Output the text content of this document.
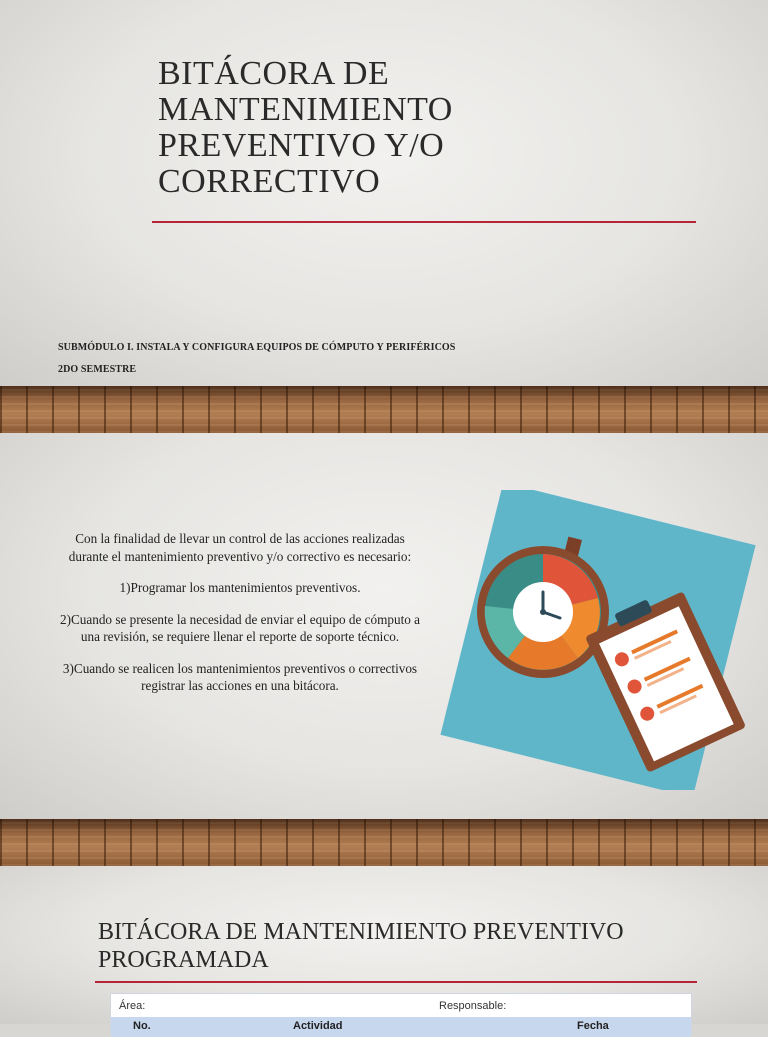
BITÁCORA DE
MANTENIMIENTO
PREVENTIVO Y/O
CORRECTIVO
SUBMÓDULO I. INSTALA Y CONFIGURA EQUIPOS DE CÓMPUTO Y PERIFÉRICOS
2DO SEMESTRE

Con la finalidad de llevar un control de las acciones realizadas durante el mantenimiento preventivo y/o correctivo es necesario:

1)Programar los mantenimientos preventivos.

2)Cuando se presente la necesidad de enviar el equipo de cómputo a una revisión, se requiere llenar el reporte de soporte técnico.

3)Cuando se realicen los mantenimientos preventivos o correctivos registrar las acciones en una bitácora.

BITÁCORA DE MANTENIMIENTO PREVENTIVO
PROGRAMADA
Área:	Responsable:
No.	Actividad	Fecha
